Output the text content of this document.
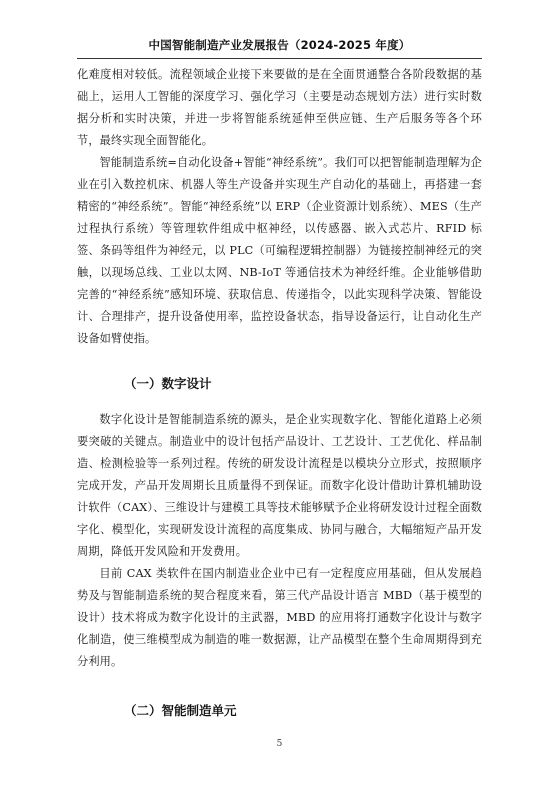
中国智能制造产业发展报告（2024-2025 年度）

化难度相对较低。流程领域企业接下来要做的是在全面贯通整合各阶段数据的基础上，运用人工智能的深度学习、强化学习（主要是动态规划方法）进行实时数据分析和实时决策，并进一步将智能系统延伸至供应链、生产后服务等各个环节，最终实现全面智能化。

智能制造系统=自动化设备+智能“神经系统”。我们可以把智能制造理解为企业在引入数控机床、机器人等生产设备并实现生产自动化的基础上，再搭建一套精密的“神经系统”。智能“神经系统”以 ERP（企业资源计划系统）、MES（生产过程执行系统）等管理软件组成中枢神经，以传感器、嵌入式芯片、RFID 标签、条码等组件为神经元，以 PLC（可编程逻辑控制器）为链接控制神经元的突触，以现场总线、工业以太网、NB-IoT 等通信技术为神经纤维。企业能够借助完善的“神经系统”感知环境、获取信息、传递指令，以此实现科学决策、智能设计、合理排产，提升设备使用率，监控设备状态，指导设备运行，让自动化生产设备如臂使指。

（一）数字设计

数字化设计是智能制造系统的源头，是企业实现数字化、智能化道路上必须要突破的关键点。制造业中的设计包括产品设计、工艺设计、工艺优化、样品制造、检测检验等一系列过程。传统的研发设计流程是以模块分立形式，按照顺序完成开发，产品开发周期长且质量得不到保证。而数字化设计借助计算机辅助设计软件（CAX）、三维设计与建模工具等技术能够赋予企业将研发设计过程全面数字化、模型化，实现研发设计流程的高度集成、协同与融合，大幅缩短产品开发周期，降低开发风险和开发费用。

目前 CAX 类软件在国内制造业企业中已有一定程度应用基础，但从发展趋势及与智能制造系统的契合程度来看，第三代产品设计语言 MBD（基于模型的设计）技术将成为数字化设计的主武器，MBD 的应用将打通数字化设计与数字化制造，使三维模型成为制造的唯一数据源，让产品模型在整个生命周期得到充分利用。

（二）智能制造单元
5
